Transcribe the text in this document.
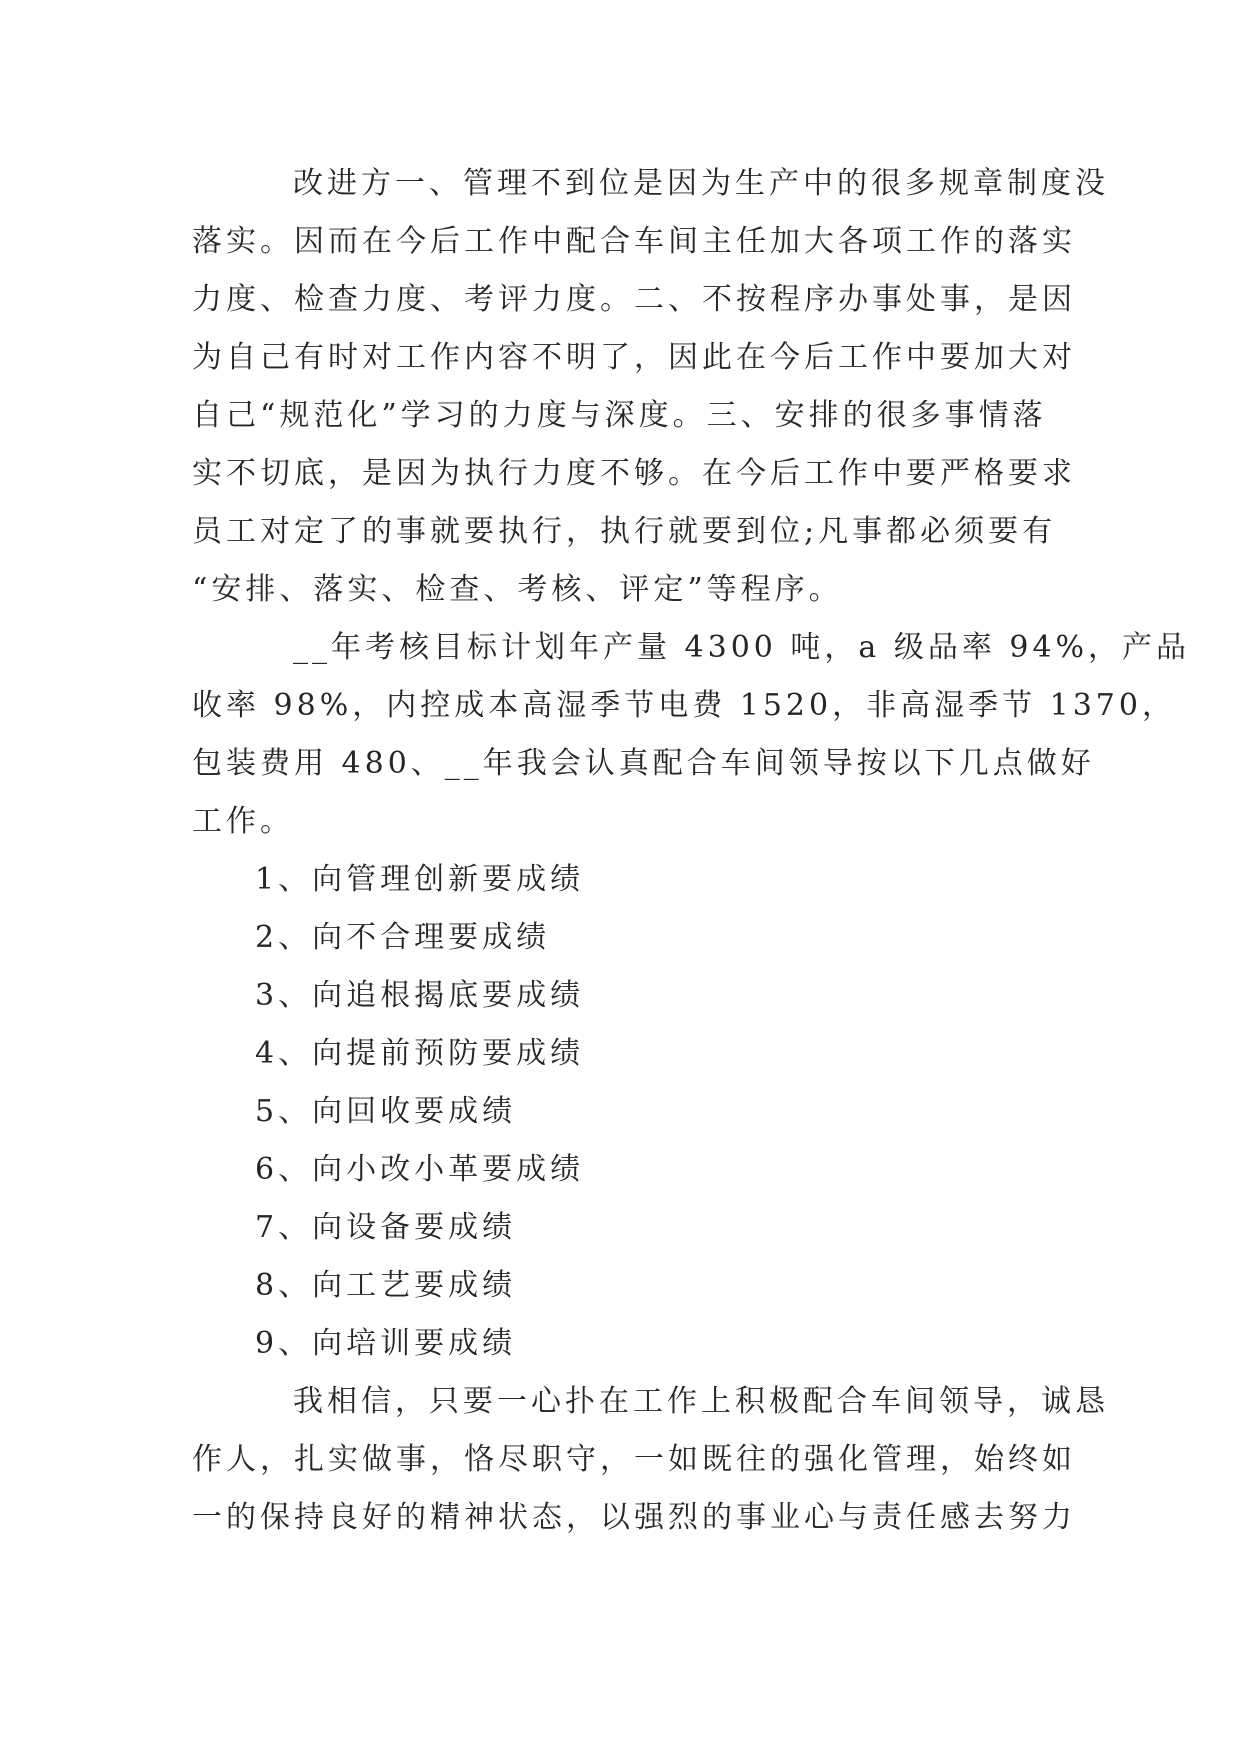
改进方一、管理不到位是因为生产中的很多规章制度没
落实。因而在今后工作中配合车间主任加大各项工作的落实
力度、检查力度、考评力度。二、不按程序办事处事，是因
为自己有时对工作内容不明了，因此在今后工作中要加大对
自己“规范化”学习的力度与深度。三、安排的很多事情落
实不切底，是因为执行力度不够。在今后工作中要严格要求
员工对定了的事就要执行，执行就要到位;凡事都必须要有
“安排、落实、检查、考核、评定”等程序。
__年考核目标计划年产量 4300 吨，a 级品率 94%，产品
收率 98%，内控成本高湿季节电费 1520，非高湿季节 1370，
包装费用 480、__年我会认真配合车间领导按以下几点做好
工作。
1、向管理创新要成绩
2、向不合理要成绩
3、向追根揭底要成绩
4、向提前预防要成绩
5、向回收要成绩
6、向小改小革要成绩
7、向设备要成绩
8、向工艺要成绩
9、向培训要成绩
我相信，只要一心扑在工作上积极配合车间领导，诚恳
作人，扎实做事，恪尽职守，一如既往的强化管理，始终如
一的保持良好的精神状态，以强烈的事业心与责任感去努力
